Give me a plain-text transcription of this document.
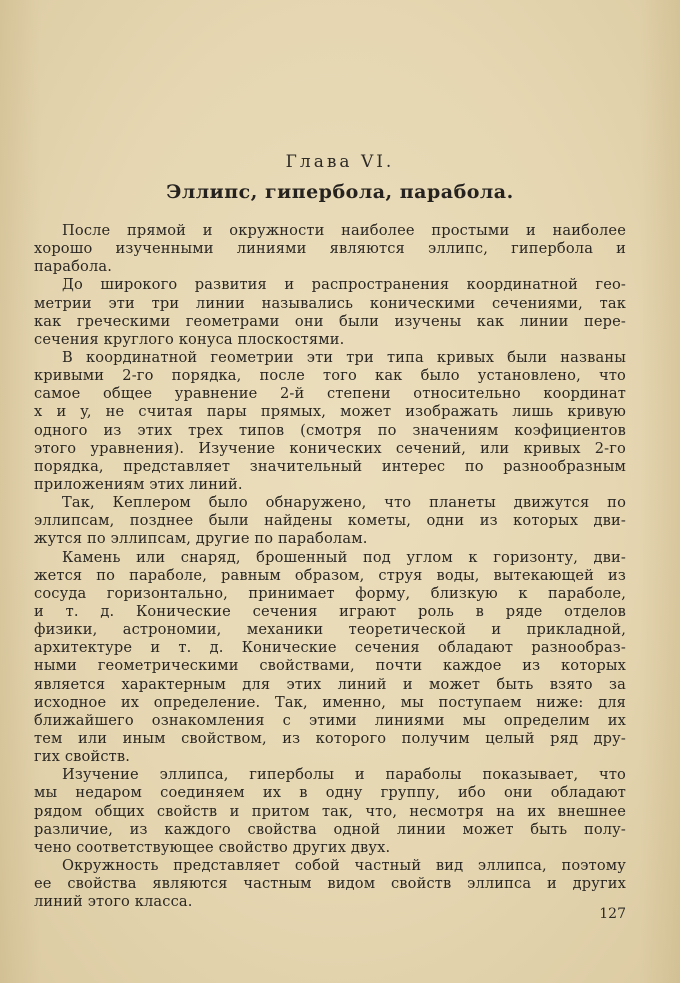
Глава VI.
Эллипс, гипербола, парабола.
После прямой и окружности наиболее простыми и наиболее
хорошо изученными линиями являются эллипс, гипербола и
парабола.
До широкого развития и распространения координатной гео-
метрии эти три линии назывались коническими сечениями, так
как греческими геометрами они были изучены как линии пере-
сечения круглого конуса плоскостями.
В координатной геометрии эти три типа кривых были названы
кривыми 2-го порядка, после того как было установлено, что
самое общее уравнение 2-й степени относительно координат
x и y, не считая пары прямых, может изображать лишь кривую
одного из этих трех типов (смотря по значениям коэфициентов
этого уравнения). Изучение конических сечений, или кривых 2-го
порядка, представляет значительный интерес по разнообразным
приложениям этих линий.
Так, Кеплером было обнаружено, что планеты движутся по
эллипсам, позднее были найдены кометы, одни из которых дви-
жутся по эллипсам, другие по параболам.
Камень или снаряд, брошенный под углом к горизонту, дви-
жется по параболе, равным образом, струя воды, вытекающей из
сосуда горизонтально, принимает форму, близкую к параболе,
и т. д. Конические сечения играют роль в ряде отделов
физики, астрономии, механики теоретической и прикладной,
архитектуре и т. д. Конические сечения обладают разнообраз-
ными геометрическими свойствами, почти каждое из которых
является характерным для этих линий и может быть взято за
исходное их определение. Так, именно, мы поступаем ниже: для
ближайшего ознакомления с этими линиями мы определим их
тем или иным свойством, из которого получим целый ряд дру-
гих свойств.
Изучение эллипса, гиперболы и параболы показывает, что
мы недаром соединяем их в одну группу, ибо они обладают
рядом общих свойств и притом так, что, несмотря на их внешнее
различие, из каждого свойства одной линии может быть полу-
чено соответствующее свойство других двух.
Окружность представляет собой частный вид эллипса, поэтому
ее свойства являются частным видом свойств эллипса и других
линий этого класса.
127
